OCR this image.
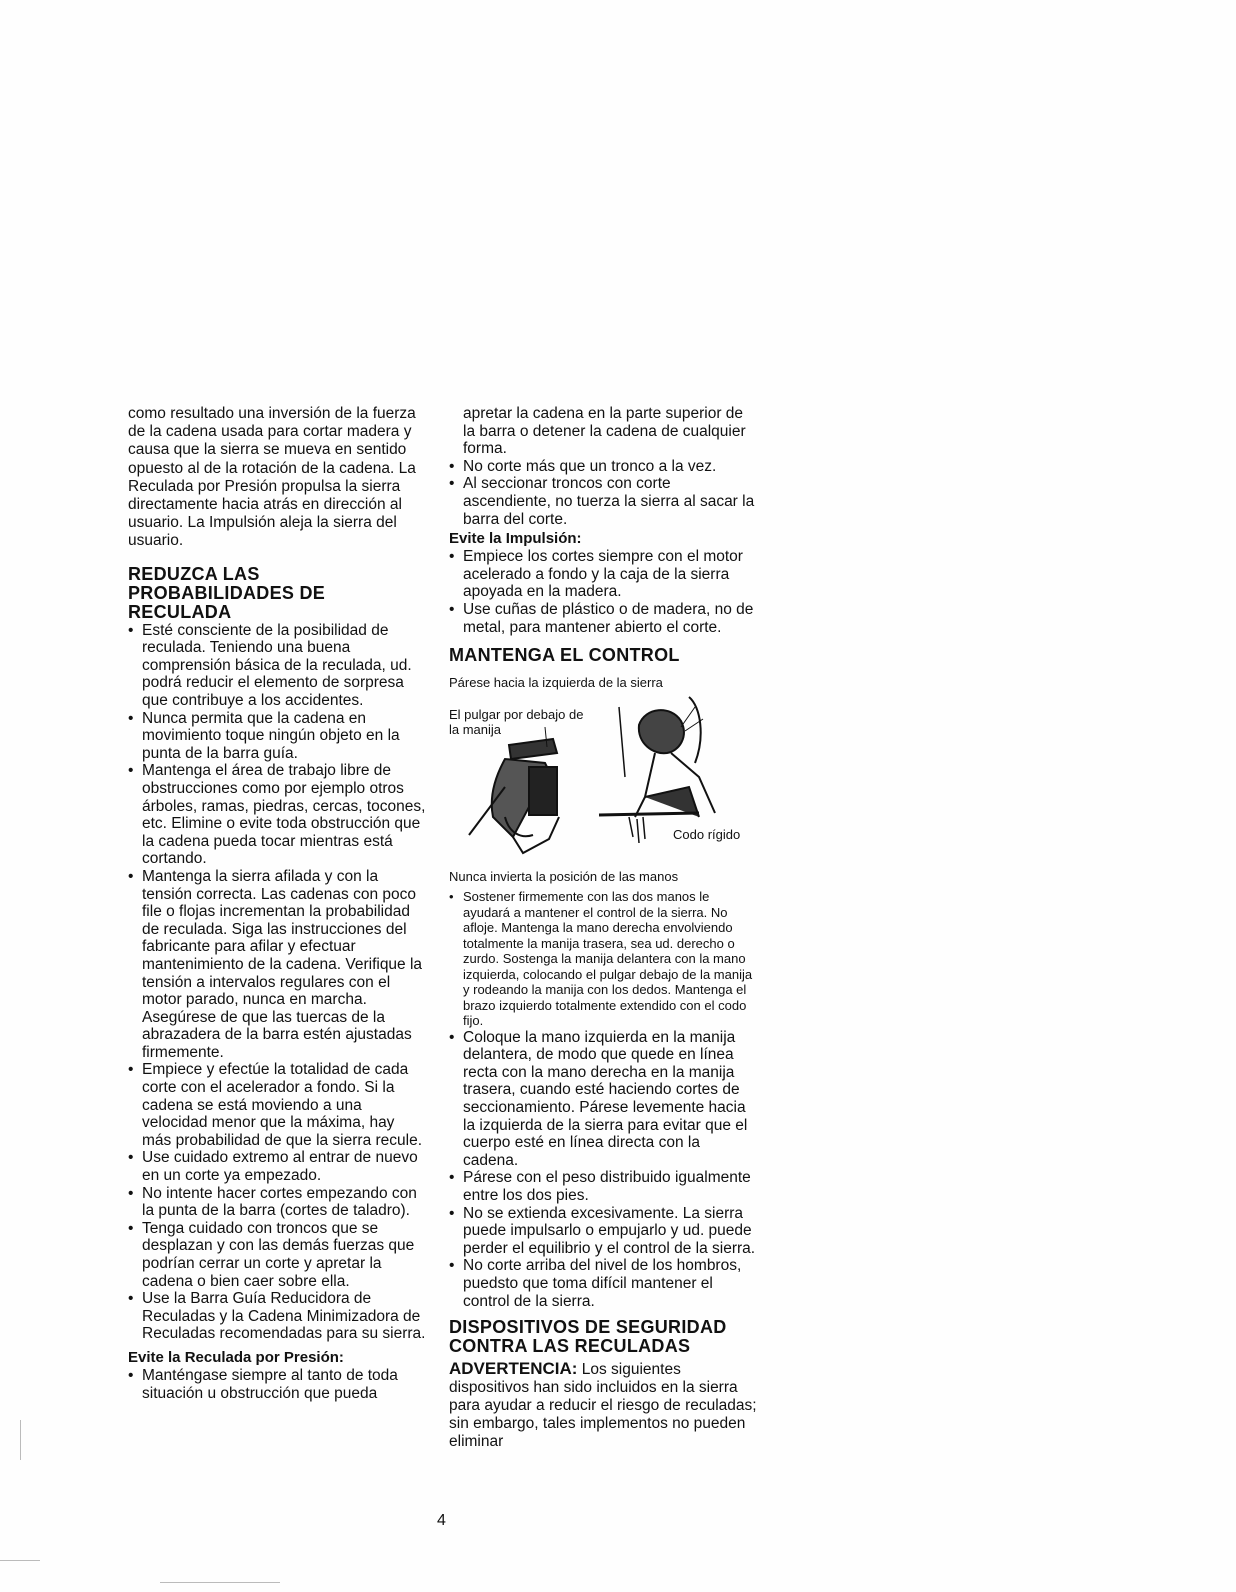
como resultado una inversión de la fuerza de la cadena usada para cortar madera y causa que la sierra se mueva en sentido opuesto al de la rotación de la cadena. La Reculada por Presión propulsa la sierra directamente hacia atrás en dirección al usuario. La Impulsión aleja la sierra del usuario.

REDUZCA LAS PROBABILIDADES DE RECULADA
• Esté consciente de la posibilidad de reculada. Teniendo una buena comprensión básica de la reculada, ud. podrá reducir el elemento de sorpresa que contribuye a los accidentes.
• Nunca permita que la cadena en movimiento toque ningún objeto en la punta de la barra guía.
• Mantenga el área de trabajo libre de obstrucciones como por ejemplo otros árboles, ramas, piedras, cercas, tocones, etc. Elimine o evite toda obstrucción que la cadena pueda tocar mientras está cortando.
• Mantenga la sierra afilada y con la tensión correcta. Las cadenas con poco file o flojas incrementan la probabilidad de reculada. Siga las instrucciones del fabricante para afilar y efectuar mantenimiento de la cadena. Verifique la tensión a intervalos regulares con el motor parado, nunca en marcha. Asegúrese de que las tuercas de la abrazadera de la barra estén ajustadas firmemente.
• Empiece y efectúe la totalidad de cada corte con el acelerador a fondo. Si la cadena se está moviendo a una velocidad menor que la máxima, hay más probabilidad de que la sierra recule.
• Use cuidado extremo al entrar de nuevo en un corte ya empezado.
• No intente hacer cortes empezando con la punta de la barra (cortes de taladro).
• Tenga cuidado con troncos que se desplazan y con las demás fuerzas que podrían cerrar un corte y apretar la cadena o bien caer sobre ella.
• Use la Barra Guía Reducidora de Reculadas y la Cadena Minimizadora de Reculadas recomendadas para su sierra.
Evite la Reculada por Presión:
• Manténgase siempre al tanto de toda situación u obstrucción que pueda

apretar la cadena en la parte superior de la barra o detener la cadena de cualquier forma.

• No corte más que un tronco a la vez.
• Al seccionar troncos con corte ascendiente, no tuerza la sierra al sacar la barra del corte.
Evite la Impulsión:
• Empiece los cortes siempre con el motor acelerado a fondo y la caja de la sierra apoyada en la madera.
• Use cuñas de plástico o de madera, no de metal, para mantener abierto el corte.
MANTENGA EL CONTROL
Párese hacia la izquierda de la sierra
El pulgar por debajo de la manija
Codo rígido
Nunca invierta la posición de las manos
• Sostener firmemente con las dos manos le ayudará a mantener el control de la sierra. No afloje. Mantenga la mano derecha envolviendo totalmente la manija trasera, sea ud. derecho o zurdo. Sostenga la manija delantera con la mano izquierda, colocando el pulgar debajo de la manija y rodeando la manija con los dedos. Mantenga el brazo izquierdo totalmente extendido con el codo fijo.
• Coloque la mano izquierda en la manija delantera, de modo que quede en línea recta con la mano derecha en la manija trasera, cuando esté haciendo cortes de seccionamiento. Párese levemente hacia la izquierda de la sierra para evitar que el cuerpo esté en línea directa con la cadena.
• Párese con el peso distribuido igualmente entre los dos pies.
• No se extienda excesivamente. La sierra puede impulsarlo o empujarlo y ud. puede perder el equilibrio y el control de la sierra.
• No corte arriba del nivel de los hombros, puedsto que toma difícil mantener el control de la sierra.
DISPOSITIVOS DE SEGURIDAD CONTRA LAS RECULADAS

ADVERTENCIA: Los siguientes dispositivos han sido incluidos en la sierra para ayudar a reducir el riesgo de reculadas; sin embargo, tales implementos no pueden eliminar

4
